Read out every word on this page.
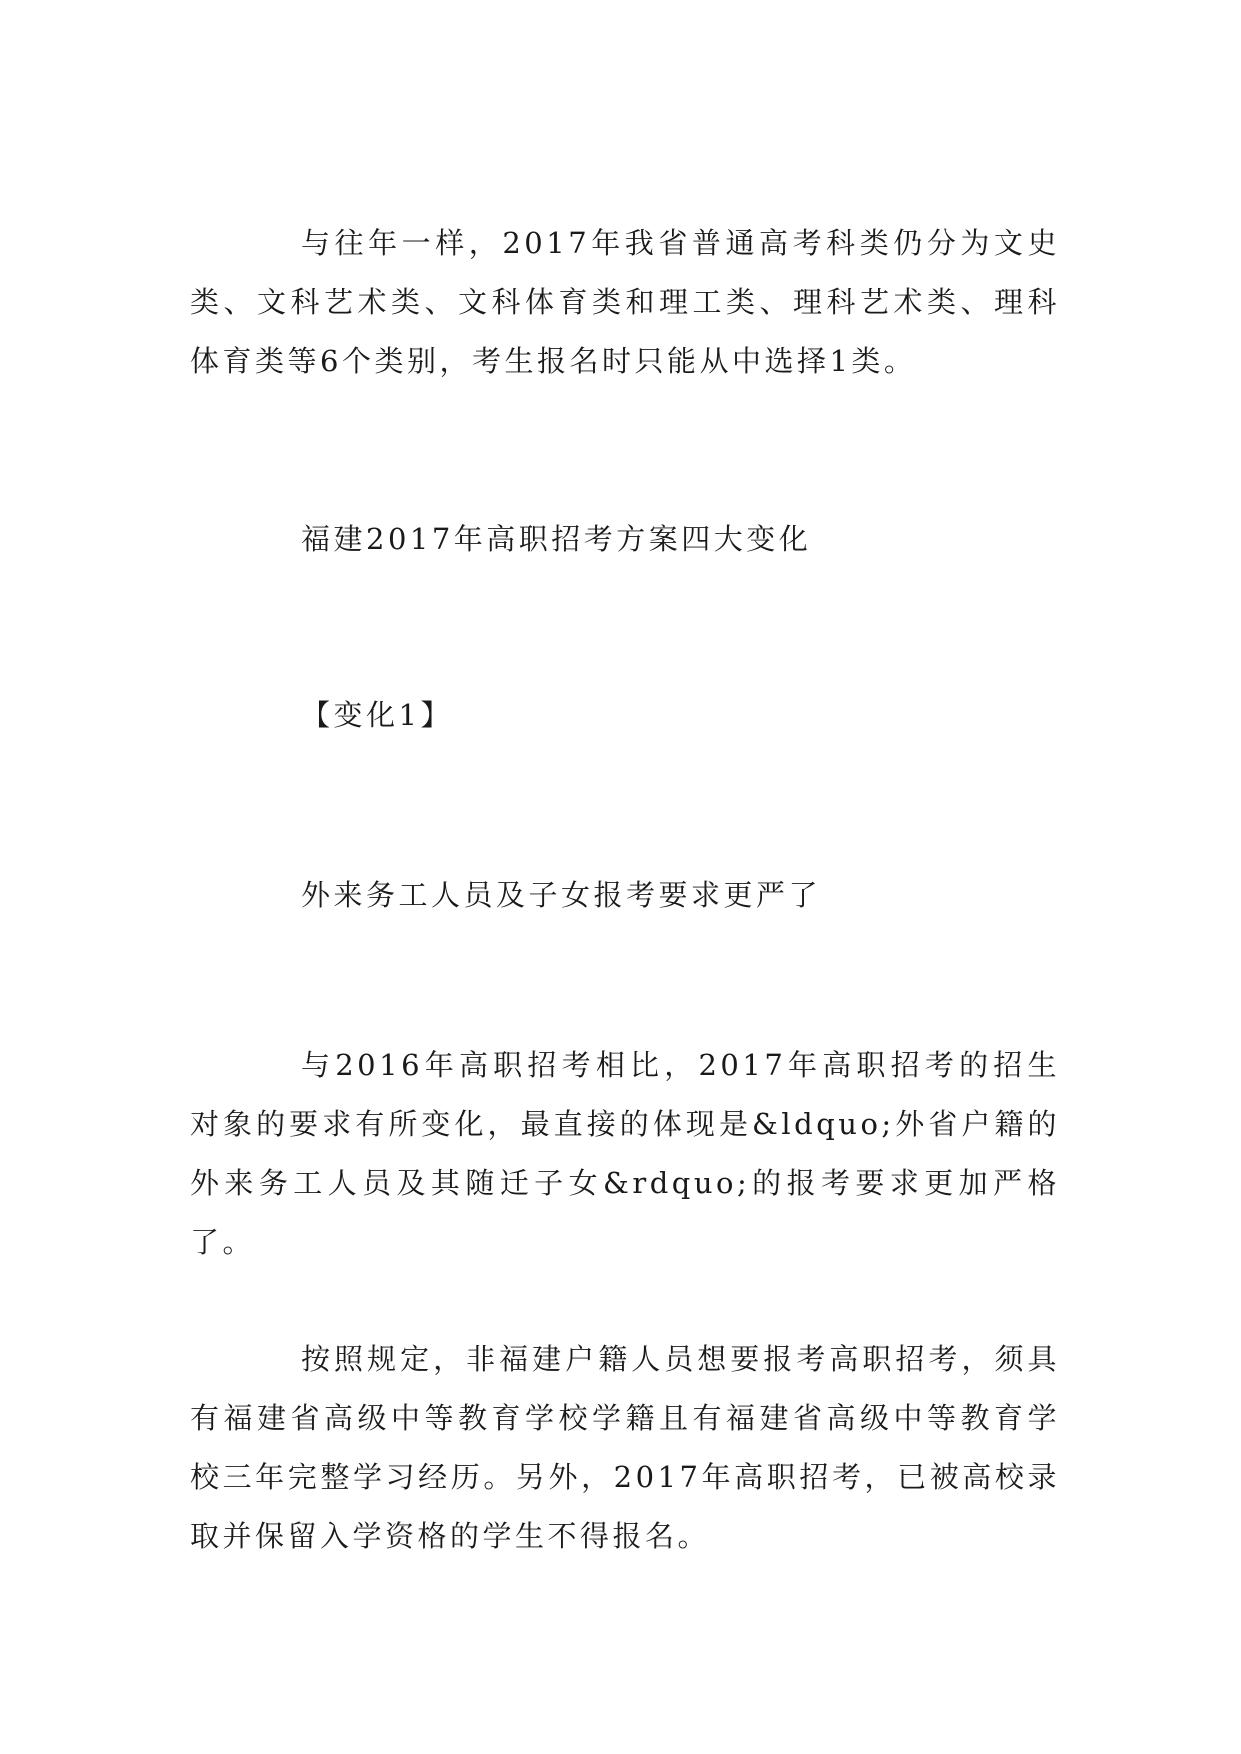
与往年一样，2017年我省普通高考科类仍分为文史类、文科艺术类、文科体育类和理工类、理科艺术类、理科体育类等6个类别，考生报名时只能从中选择1类。

福建2017年高职招考方案四大变化

【变化1】

外来务工人员及子女报考要求更严了

与2016年高职招考相比，2017年高职招考的招生对象的要求有所变化，最直接的体现是&ldquo;外省户籍的外来务工人员及其随迁子女&rdquo;的报考要求更加严格了。

按照规定，非福建户籍人员想要报考高职招考，须具有福建省高级中等教育学校学籍且有福建省高级中等教育学校三年完整学习经历。另外，2017年高职招考，已被高校录取并保留入学资格的学生不得报名。
